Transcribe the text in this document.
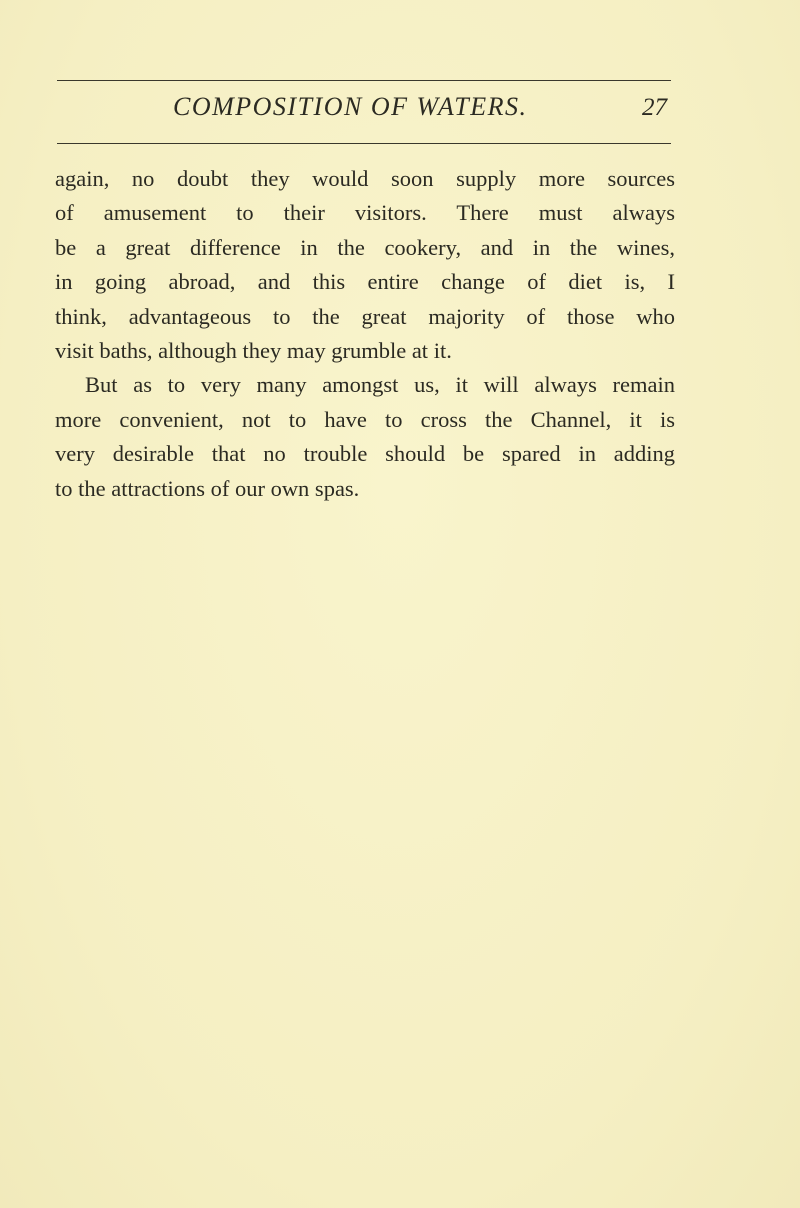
COMPOSITION OF WATERS.	27
again, no doubt they would soon supply more sources
of amusement to their visitors. There must always
be a great difference in the cookery, and in the wines,
in going abroad, and this entire change of diet is, I
think, advantageous to the great majority of those who
visit baths, although they may grumble at it.
But as to very many amongst us, it will always remain
more convenient, not to have to cross the Channel, it is
very desirable that no trouble should be spared in adding
to the attractions of our own spas.
